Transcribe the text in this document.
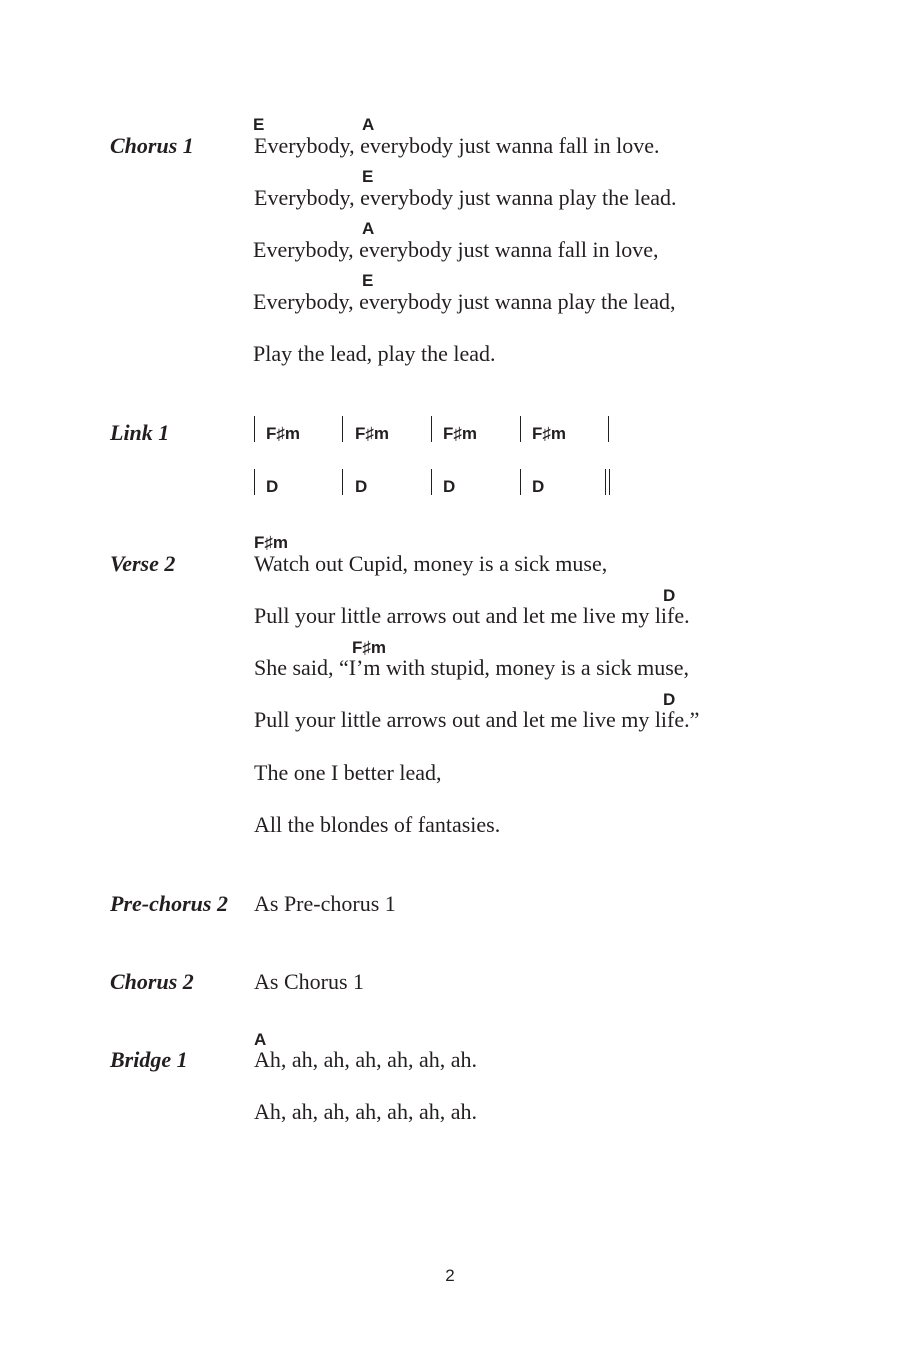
Chorus 1
E	A
Everybody, everybody just wanna fall in love.
E
Everybody, everybody just wanna play the lead.
A
Everybody, everybody just wanna fall in love,
E
Everybody, everybody just wanna play the lead,
Play the lead, play the lead.
Link 1	F♯m	F♯m	F♯m	F♯m
D	D	D	D
Verse 2
F♯m
Watch out Cupid, money is a sick muse,
D
Pull your little arrows out and let me live my life.
F♯m
She said, “I’m with stupid, money is a sick muse,
D
Pull your little arrows out and let me live my life.”
The one I better lead,
All the blondes of fantasies.
Pre-chorus 2 As Pre-chorus 1
Chorus 2	As Chorus 1
Bridge 1
A
Ah, ah, ah, ah, ah, ah, ah.
Ah, ah, ah, ah, ah, ah, ah.
2
